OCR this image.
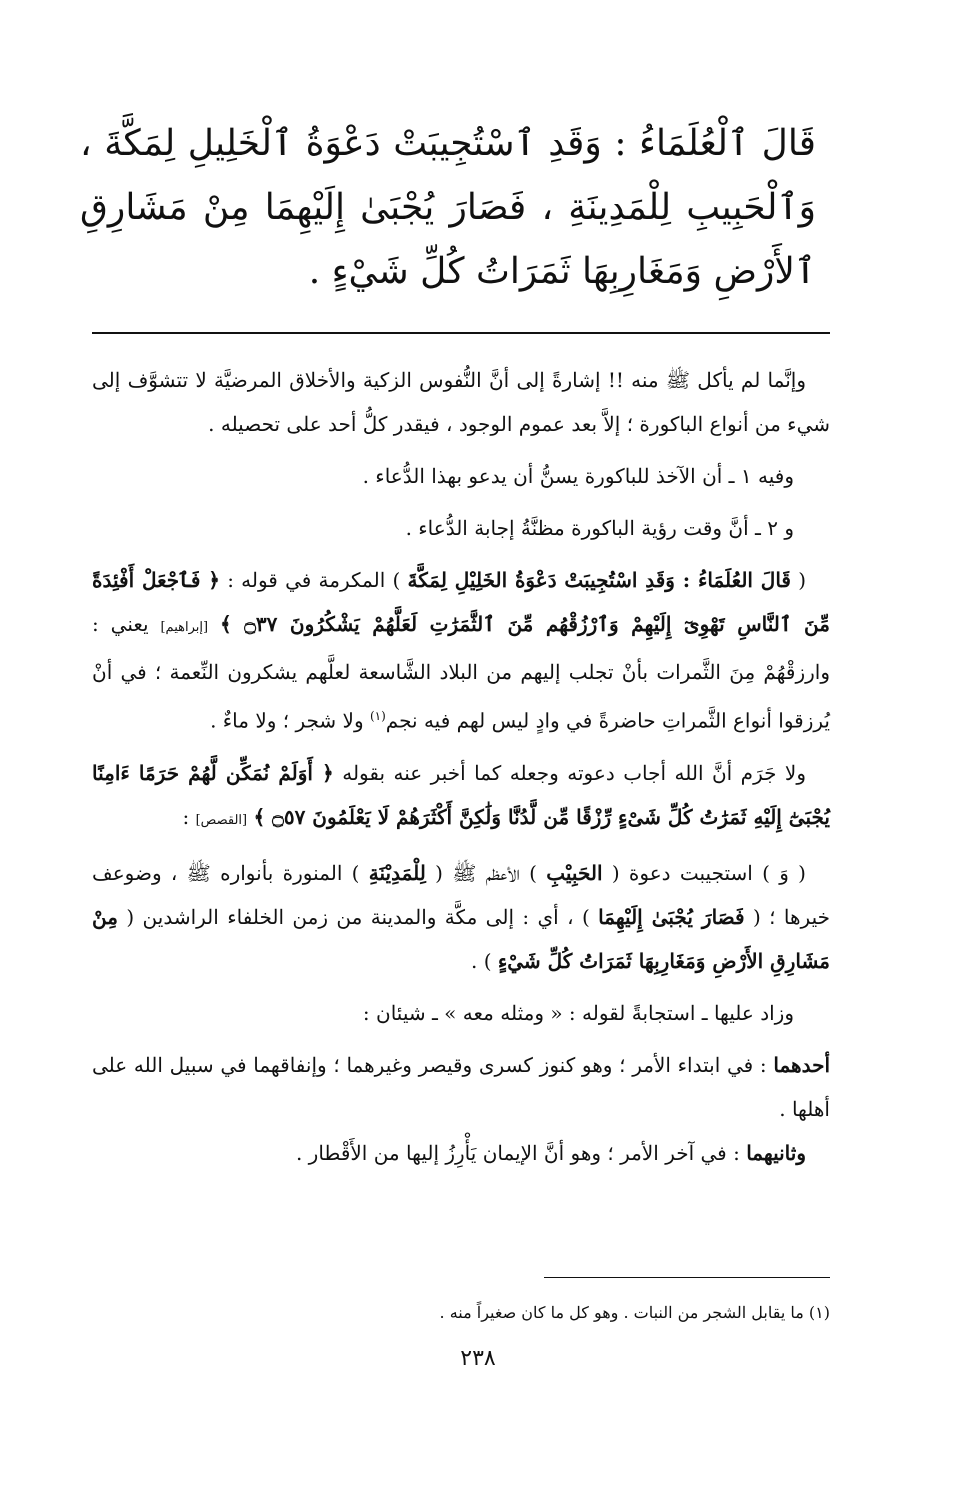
قَالَ ٱلْعُلَمَاءُ : وَقَدِ ٱسْتُجِيبَتْ دَعْوَةُ ٱلْخَلِيلِ لِمَكَّةَ ، وَٱلْحَبِيبِ لِلْمَدِينَةِ ، فَصَارَ يُجْبَىٰ إِلَيْهِمَا مِنْ مَشَارِقِ ٱلأَرْضِ وَمَغَارِبِهَا ثَمَرَاتُ كُلِّ شَيْءٍ .

وإنَّما لم يأكل ﷺ منه !! إشارةً إلى أنَّ النُّفوس الزكية والأخلاق المرضيَّة لا تتشوَّف إلى شيء من أنواع الباكورة ؛ إلاَّ بعد عموم الوجود ، فيقدر كلُّ أحد على تحصيله .

وفيه ١ ـ أن الآخذ للباكورة يسنُّ أن يدعو بهذا الدُّعاء .

و ٢ ـ أنَّ وقت رؤية الباكورة مظنَّةُ إجابة الدُّعاء .

( قَالَ العُلَمَاءُ : وَقَدِ اسْتُجِيبَتْ دَعْوَةُ الخَلِيْلِ لِمَكَّةَ ) المكرمة في قوله : ﴿ فَٱجْعَلْ أَفْئِدَةً مِّنَ ٱلنَّاسِ تَهْوِىٓ إِلَيْهِمْ وَٱرْزُقْهُم مِّنَ ٱلثَّمَرَٰتِ لَعَلَّهُمْ يَشْكُرُونَ ۝٣٧ ﴾ [إبراهيم] يعني : وارزقْهُمْ مِنَ الثَّمرات بأنْ تجلب إليهم من البلاد الشَّاسعة لعلَّهم يشكرون النِّعمة ؛ في أنْ يُرزقوا أنواع الثَّمراتِ حاضرةً في وادٍ ليس لهم فيه نجم$^{(١)}$ ولا شجر ؛ ولا ماءٌ .

ولا جَرَم أنَّ الله أجاب دعوته وجعله كما أخبر عنه بقوله ﴿ أَوَلَمْ نُمَكِّن لَّهُمْ حَرَمًا ءَامِنًا يُجْبَىٰٓ إِلَيْهِ ثَمَرَٰتُ كُلِّ شَىْءٍ رِّزْقًا مِّن لَّدُنَّا وَلَٰكِنَّ أَكْثَرَهُمْ لَا يَعْلَمُونَ ۝٥٧ ﴾ [القصص] :

( وَ ) استجيبت دعوة ( الحَبِيْبِ ) الأعظم ﷺ ( لِلْمَدِيْنَةِ ) المنورة بأنواره ﷺ ، وضوعف خيرها ؛ ( فَصَارَ يُجْبَىٰ إِلَيْهِمَا ) ، أي : إلى مكَّة والمدينة من زمن الخلفاء الراشدين ( مِنْ مَشَارِقِ الأَرْضِ وَمَغَارِبِهَا ثَمَرَاتُ كُلِّ شَيْءٍ ) .

وزاد عليها ـ استجابةً لقوله : « ومثله معه » ـ شيئان :

أحدهما : في ابتداء الأمر ؛ وهو كنوز كسرى وقيصر وغيرهما ؛ وإنفاقهما في سبيل الله على أهلها .

وثانيهما : في آخر الأمر ؛ وهو أنَّ الإيمان يَأْرِزُ إليها من الأَقْطار .

(١) ما يقابل الشجر من النبات . وهو كل ما كان صغيراً منه .
٢٣٨
